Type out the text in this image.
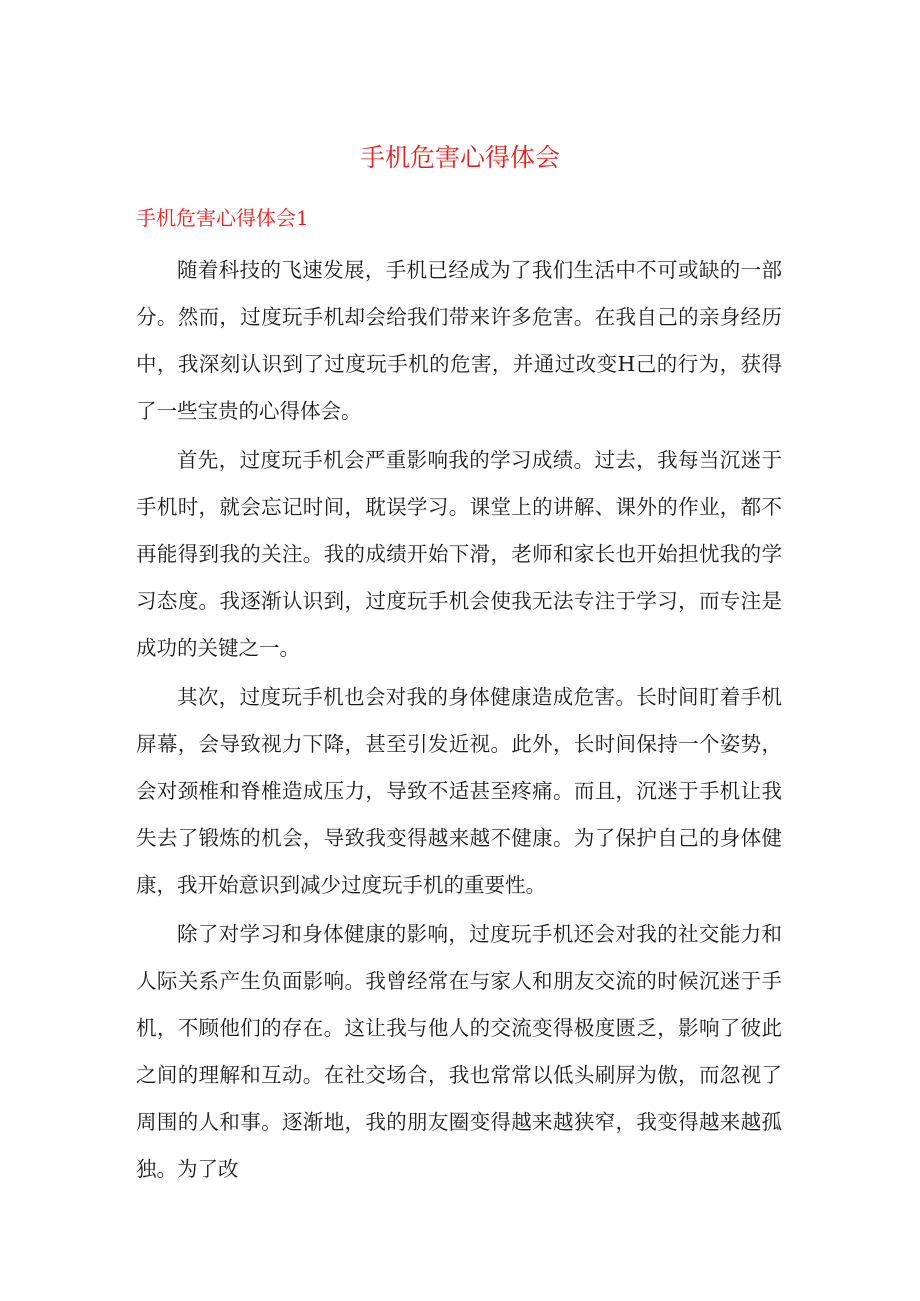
手机危害心得体会
手机危害心得体会1

随着科技的飞速发展，手机已经成为了我们生活中不可或缺的一部分。然而，过度玩手机却会给我们带来许多危害。在我自己的亲身经历中，我深刻认识到了过度玩手机的危害，并通过改变H己的行为，获得了一些宝贵的心得体会。

首先，过度玩手机会严重影响我的学习成绩。过去，我每当沉迷于手机时，就会忘记时间，耽误学习。课堂上的讲解、课外的作业，都不再能得到我的关注。我的成绩开始下滑，老师和家长也开始担忧我的学习态度。我逐渐认识到，过度玩手机会使我无法专注于学习，而专注是成功的关键之一。

其次，过度玩手机也会对我的身体健康造成危害。长时间盯着手机屏幕，会导致视力下降，甚至引发近视。此外，长时间保持一个姿势，会对颈椎和脊椎造成压力，导致不适甚至疼痛。而且，沉迷于手机让我失去了锻炼的机会，导致我变得越来越不健康。为了保护自己的身体健康，我开始意识到减少过度玩手机的重要性。

除了对学习和身体健康的影响，过度玩手机还会对我的社交能力和人际关系产生负面影响。我曾经常在与家人和朋友交流的时候沉迷于手机，不顾他们的存在。这让我与他人的交流变得极度匮乏，影响了彼此之间的理解和互动。在社交场合，我也常常以低头刷屏为傲，而忽视了周围的人和事。逐渐地，我的朋友圈变得越来越狭窄，我变得越来越孤独。为了改
